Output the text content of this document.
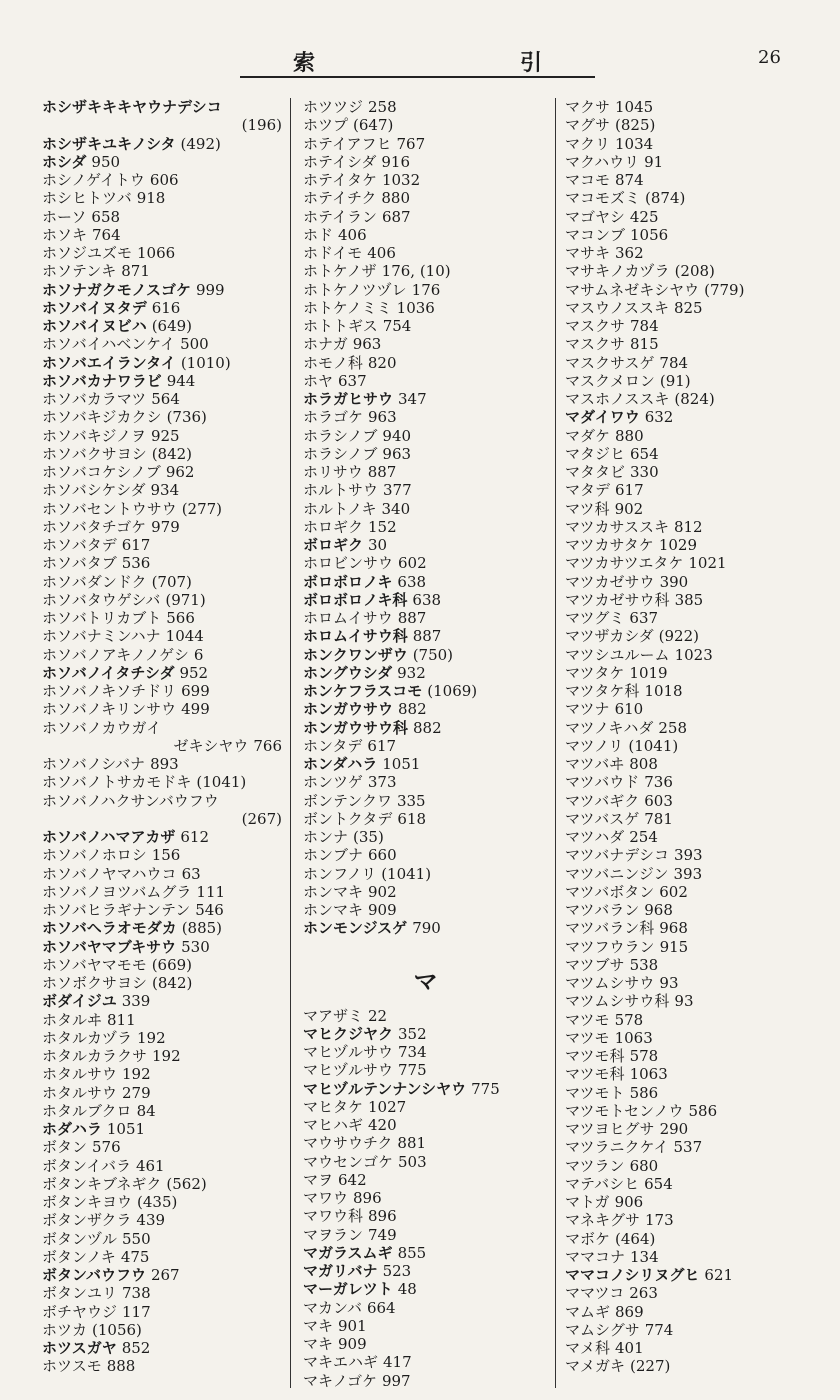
索	引	26
ホシザキキキヤウナデシコ
(196)
ホシザキユキノシタ (492)
ホシダ 950
ホシノゲイトウ 606
ホシヒトツバ 918
ホーソ 658
ホソキ 764
ホソジユズモ 1066
ホソテンキ 871
ホソナガクモノスゴケ 999
ホソバイヌタデ 616
ホソバイヌビハ (649)
ホソバイハベンケイ 500
ホソバエイランタイ (1010)
ホソバカナワラビ 944
ホソバカラマツ 564
ホソバキジカクシ (736)
ホソバキジノヲ 925
ホソバクサヨシ (842)
ホソバコケシノブ 962
ホソバシケシダ 934
ホソバセントウサウ (277)
ホソバタチゴケ 979
ホソバタデ 617
ホソバタブ 536
ホソバダンドク (707)
ホソバタウゲシバ (971)
ホソバトリカブト 566
ホソバナミンハナ 1044
ホソバノアキノノゲシ 6
ホソバノイタチシダ 952
ホソバノキソチドリ 699
ホソバノキリンサウ 499
ホソバノカウガイ
ゼキシヤウ 766
ホソバノシバナ 893
ホソバノトサカモドキ (1041)
ホソバノハクサンバウフウ
(267)
ホソバノハマアカザ 612
ホソバノホロシ 156
ホソバノヤマハウコ 63
ホソバノヨツバムグラ 111
ホソバヒラギナンテン 546
ホソバヘラオモダカ (885)
ホソバヤマブキサウ 530
ホソバヤマモモ (669)
ホソボクサヨシ (842)
ボダイジユ 339
ホタルヰ 811
ホタルカヅラ 192
ホタルカラクサ 192
ホタルサウ 192
ホタルサウ 279
ホタルブクロ 84
ホダハラ 1051
ボタン 576
ボタンイバラ 461
ボタンキブネギク (562)
ボタンキヨウ (435)
ボタンザクラ 439
ボタンヅル 550
ボタンノキ 475
ボタンバウフウ 267
ボタンユリ 738
ボチヤウジ 117
ホツカ (1056)
ホツスガヤ 852
ホツスモ 888
ホツツジ 258
ホツプ (647)
ホテイアフヒ 767
ホテイシダ 916
ホテイタケ 1032
ホテイチク 880
ホテイラン 687
ホド 406
ホドイモ 406
ホトケノザ 176, (10)
ホトケノツヅレ 176
ホトケノミミ 1036
ホトトギス 754
ホナガ 963
ホモノ科 820
ホヤ 637
ホラガヒサウ 347
ホラゴケ 963
ホラシノブ 940
ホラシノブ 963
ホリサウ 887
ホルトサウ 377
ホルトノキ 340
ホロギク 152
ボロギク 30
ホロビンサウ 602
ボロボロノキ 638
ボロボロノキ科 638
ホロムイサウ 887
ホロムイサウ科 887
ホンクワンザウ (750)
ホングウシダ 932
ホンケフラスコモ (1069)
ホンガウサウ 882
ホンガウサウ科 882
ホンタデ 617
ホンダハラ 1051
ホンツゲ 373
ボンテンクワ 335
ボントクタデ 618
ホンナ (35)
ホンブナ 660
ホンフノリ (1041)
ホンマキ 902
ホンマキ 909
ホンモンジスゲ 790
マ
マアザミ 22
マヒクジヤク 352
マヒヅルサウ 734
マヒヅルサウ 775
マヒヅルテンナンシヤウ 775
マヒタケ 1027
マヒハギ 420
マウサウチク 881
マウセンゴケ 503
マヲ 642
マワウ 896
マワウ科 896
マヲラン 749
マガラスムギ 855
マガリバナ 523
マーガレツト 48
マカンバ 664
マキ 901
マキ 909
マキエハギ 417
マキノゴケ 997
マクサ 1045
マグサ (825)
マクリ 1034
マクハウリ 91
マコモ 874
マコモズミ (874)
マゴヤシ 425
マコンブ 1056
マサキ 362
マサキノカヅラ (208)
マサムネゼキシヤウ (779)
マスウノススキ 825
マスクサ 784
マスクサ 815
マスクサスゲ 784
マスクメロン (91)
マスホノススキ (824)
マダイワウ 632
マダケ 880
マタジヒ 654
マタタビ 330
マタデ 617
マツ科 902
マツカサススキ 812
マツカサタケ 1029
マツカサツエタケ 1021
マツカゼサウ 390
マツカゼサウ科 385
マツグミ 637
マツザカシダ (922)
マツシユルーム 1023
マツタケ 1019
マツタケ科 1018
マツナ 610
マツノキハダ 258
マツノリ (1041)
マツバヰ 808
マツバウド 736
マツバギク 603
マツバスゲ 781
マツハダ 254
マツバナデシコ 393
マツバニンジン 393
マツバボタン 602
マツバラン 968
マツバラン科 968
マツフウラン 915
マツブサ 538
マツムシサウ 93
マツムシサウ科 93
マツモ 578
マツモ 1063
マツモ科 578
マツモ科 1063
マツモト 586
マツモトセンノウ 586
マツヨヒグサ 290
マツラニクケイ 537
マツラン 680
マテバシヒ 654
マトガ 906
マネキグサ 173
マボケ (464)
ママコナ 134
ママコノシリヌグヒ 621
ママツコ 263
マムギ 869
マムシグサ 774
マメ科 401
マメガキ (227)
